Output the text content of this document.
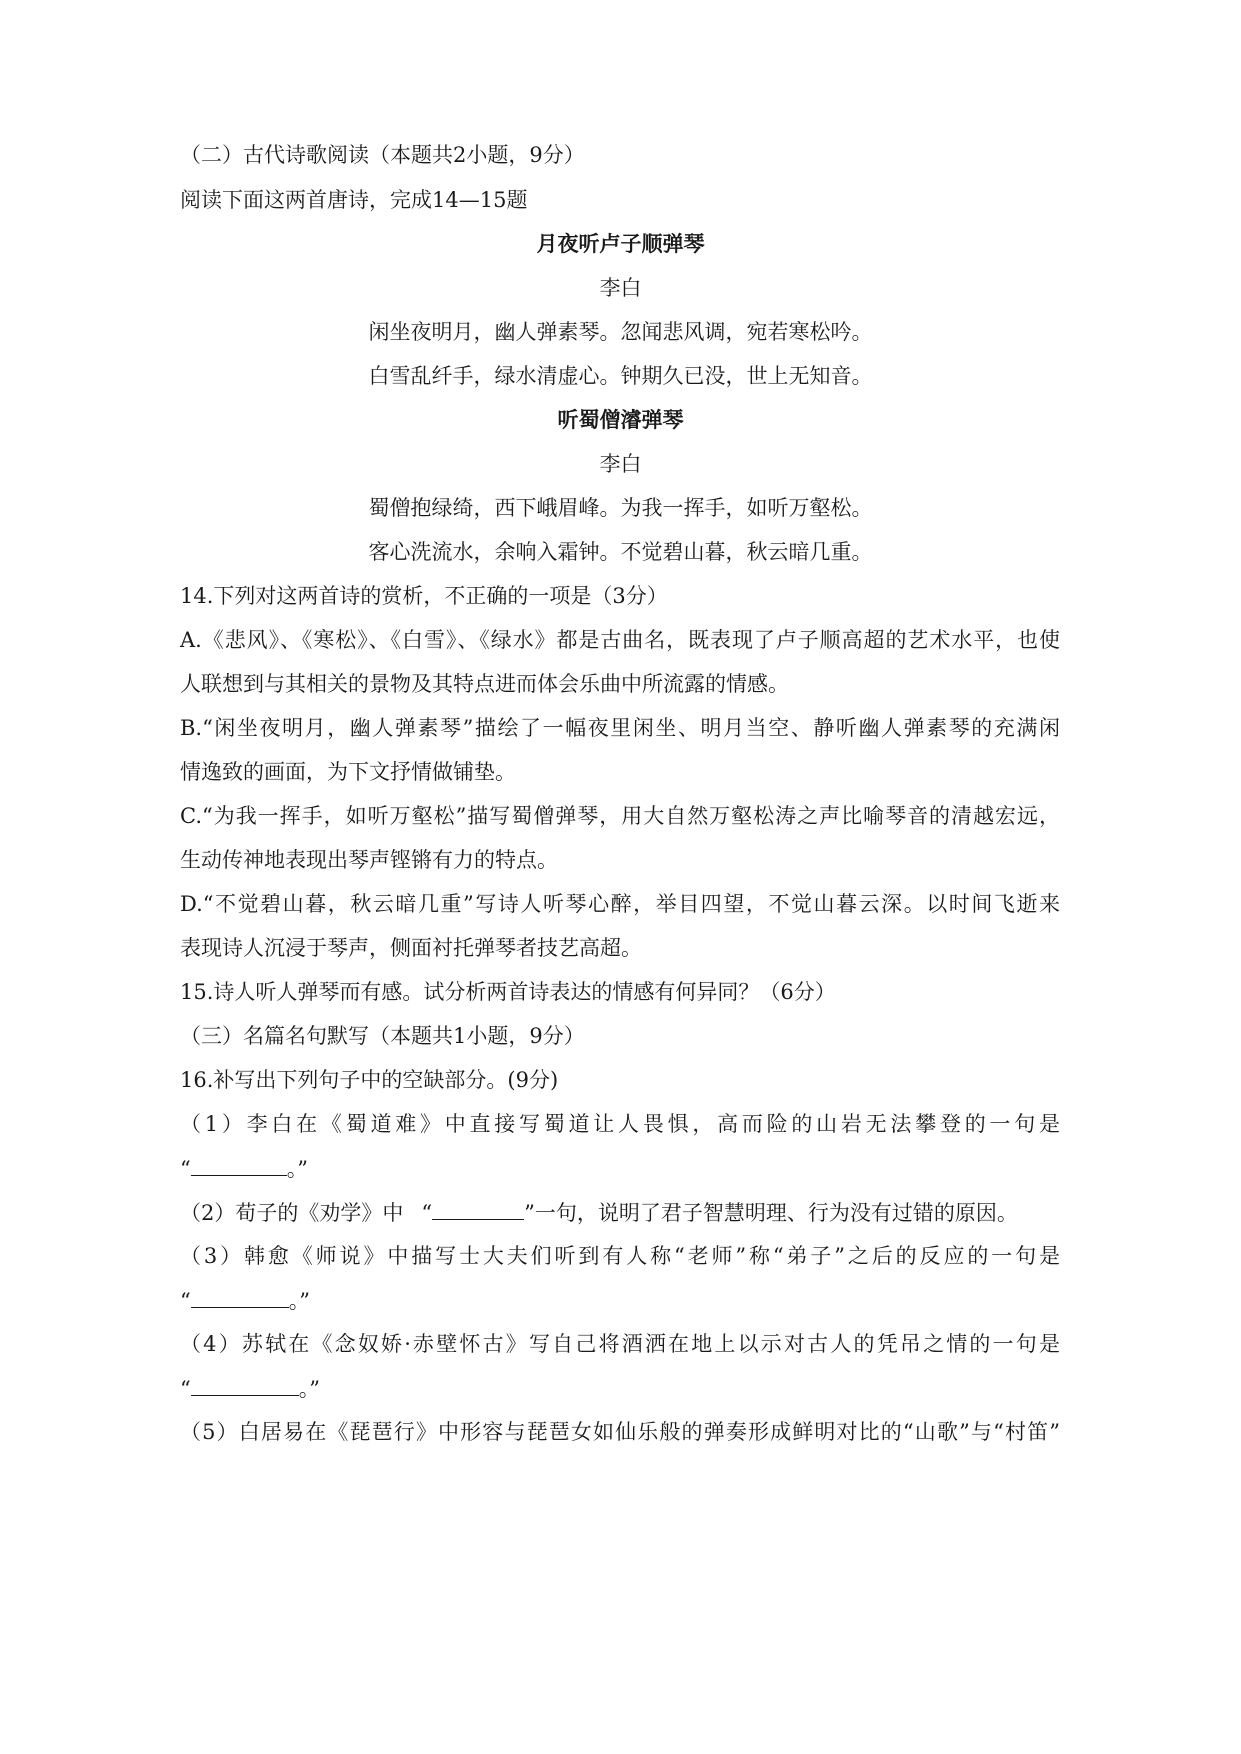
（二）古代诗歌阅读（本题共2小题，9分）
阅读下面这两首唐诗，完成14—15题
月夜听卢子顺弹琴
李白
闲坐夜明月，幽人弹素琴。忽闻悲风调，宛若寒松吟。
白雪乱纤手，绿水清虚心。钟期久已没，世上无知音。
听蜀僧濬弹琴
李白
蜀僧抱绿绮，西下峨眉峰。为我一挥手，如听万壑松。
客心洗流水，余响入霜钟。不觉碧山暮，秋云暗几重。
14.下列对这两首诗的赏析，不正确的一项是（3分）
A.《悲风》、《寒松》、《白雪》、《绿水》都是古曲名，既表现了卢子顺高超的艺术水平，也使
人联想到与其相关的景物及其特点进而体会乐曲中所流露的情感。
B.“闲坐夜明月，幽人弹素琴”描绘了一幅夜里闲坐、明月当空、静听幽人弹素琴的充满闲
情逸致的画面，为下文抒情做铺垫。
C.“为我一挥手，如听万壑松”描写蜀僧弹琴，用大自然万壑松涛之声比喻琴音的清越宏远，
生动传神地表现出琴声铿锵有力的特点。
D.“不觉碧山暮，秋云暗几重”写诗人听琴心醉，举目四望，不觉山暮云深。以时间飞逝来
表现诗人沉浸于琴声，侧面衬托弹琴者技艺高超。
15.诗人听人弹琴而有感。试分析两首诗表达的情感有何异同？（6分）
（三）名篇名句默写（本题共1小题，9分）
16.补写出下列句子中的空缺部分。(9分)
（1）李白在《蜀道难》中直接写蜀道让人畏惧，高而险的山岩无法攀登的一句是
“	。”
（2）荀子的《劝学》中 “	”一句，说明了君子智慧明理、行为没有过错的原因。
（3）韩愈《师说》中描写士大夫们听到有人称“老师”称“弟子”之后的反应的一句是
“	。”
（4）苏轼在《念奴娇·赤壁怀古》写自己将酒洒在地上以示对古人的凭吊之情的一句是
“	。”
（5）白居易在《琵琶行》中形容与琵琶女如仙乐般的弹奏形成鲜明对比的“山歌”与“村笛”
